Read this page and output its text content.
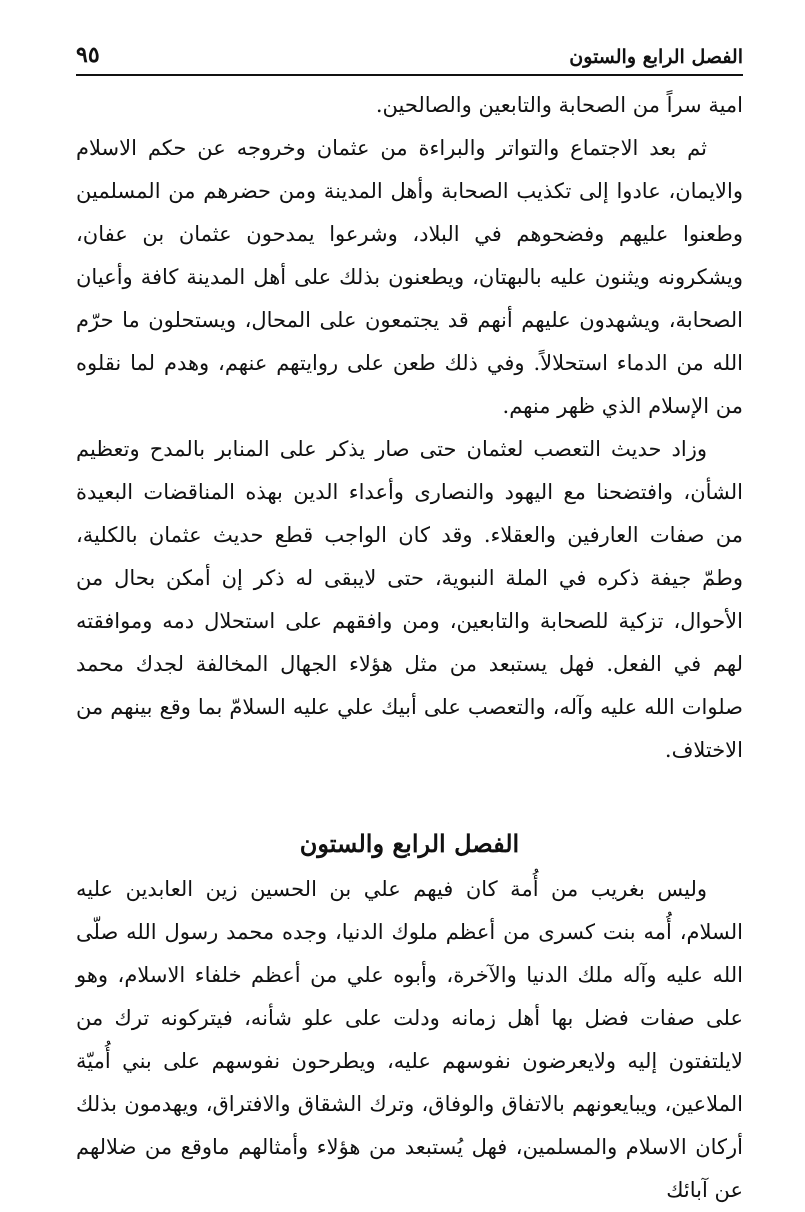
الفصل الرابع والستون
٩٥

امية سراً من الصحابة والتابعين والصالحين.

ثم بعد الاجتماع والتواتر والبراءة من عثمان وخروجه عن حكم الاسلام والايمان، عادوا إلى تكذيب الصحابة وأهل المدينة ومن حضرهم من المسلمين وطعنوا عليهم وفضحوهم في البلاد، وشرعوا يمدحون عثمان بن عفان، ويشكرونه ويثنون عليه بالبهتان، ويطعنون بذلك على أهل المدينة كافة وأعيان الصحابة، ويشهدون عليهم أنهم قد يجتمعون على المحال، ويستحلون ما حرّم الله من الدماء استحلالاً. وفي ذلك طعن على روايتهم عنهم، وهدم لما نقلوه من الإسلام الذي ظهر منهم.

وزاد حديث التعصب لعثمان حتى صار يذكر على المنابر بالمدح وتعظيم الشأن، وافتضحنا مع اليهود والنصارى وأعداء الدين بهذه المناقضات البعيدة من صفات العارفين والعقلاء. وقد كان الواجب قطع حديث عثمان بالكلية، وطمّ جيفة ذكره في الملة النبوية، حتى لايبقى له ذكر إن أمكن بحال من الأحوال، تزكية للصحابة والتابعين، ومن وافقهم على استحلال دمه وموافقته لهم في الفعل. فهل يستبعد من مثل هؤلاء الجهال المخالفة لجدك محمد صلوات الله عليه وآله، والتعصب على أبيك علي عليه السلامّ بما وقع بينهم من الاختلاف.

الفصل الرابع والستون

وليس بغريب من أُمة كان فيهم علي بن الحسين زين العابدين عليه السلام، أُمه بنت كسرى من أعظم ملوك الدنيا، وجده محمد رسول الله صلّى الله عليه وآله ملك الدنيا والآخرة، وأبوه علي من أعظم خلفاء الاسلام، وهو على صفات فضل بها أهل زمانه ودلت على علو شأنه، فيتركونه ترك من لايلتفتون إليه ولايعرضون نفوسهم عليه، ويطرحون نفوسهم على بني أُميّة الملاعين، ويبايعونهم بالاتفاق والوفاق، وترك الشقاق والافتراق، ويهدمون بذلك أركان الاسلام والمسلمين، فهل يُستبعد من هؤلاء وأمثالهم ماوقع من ضلالهم عن آبائك
